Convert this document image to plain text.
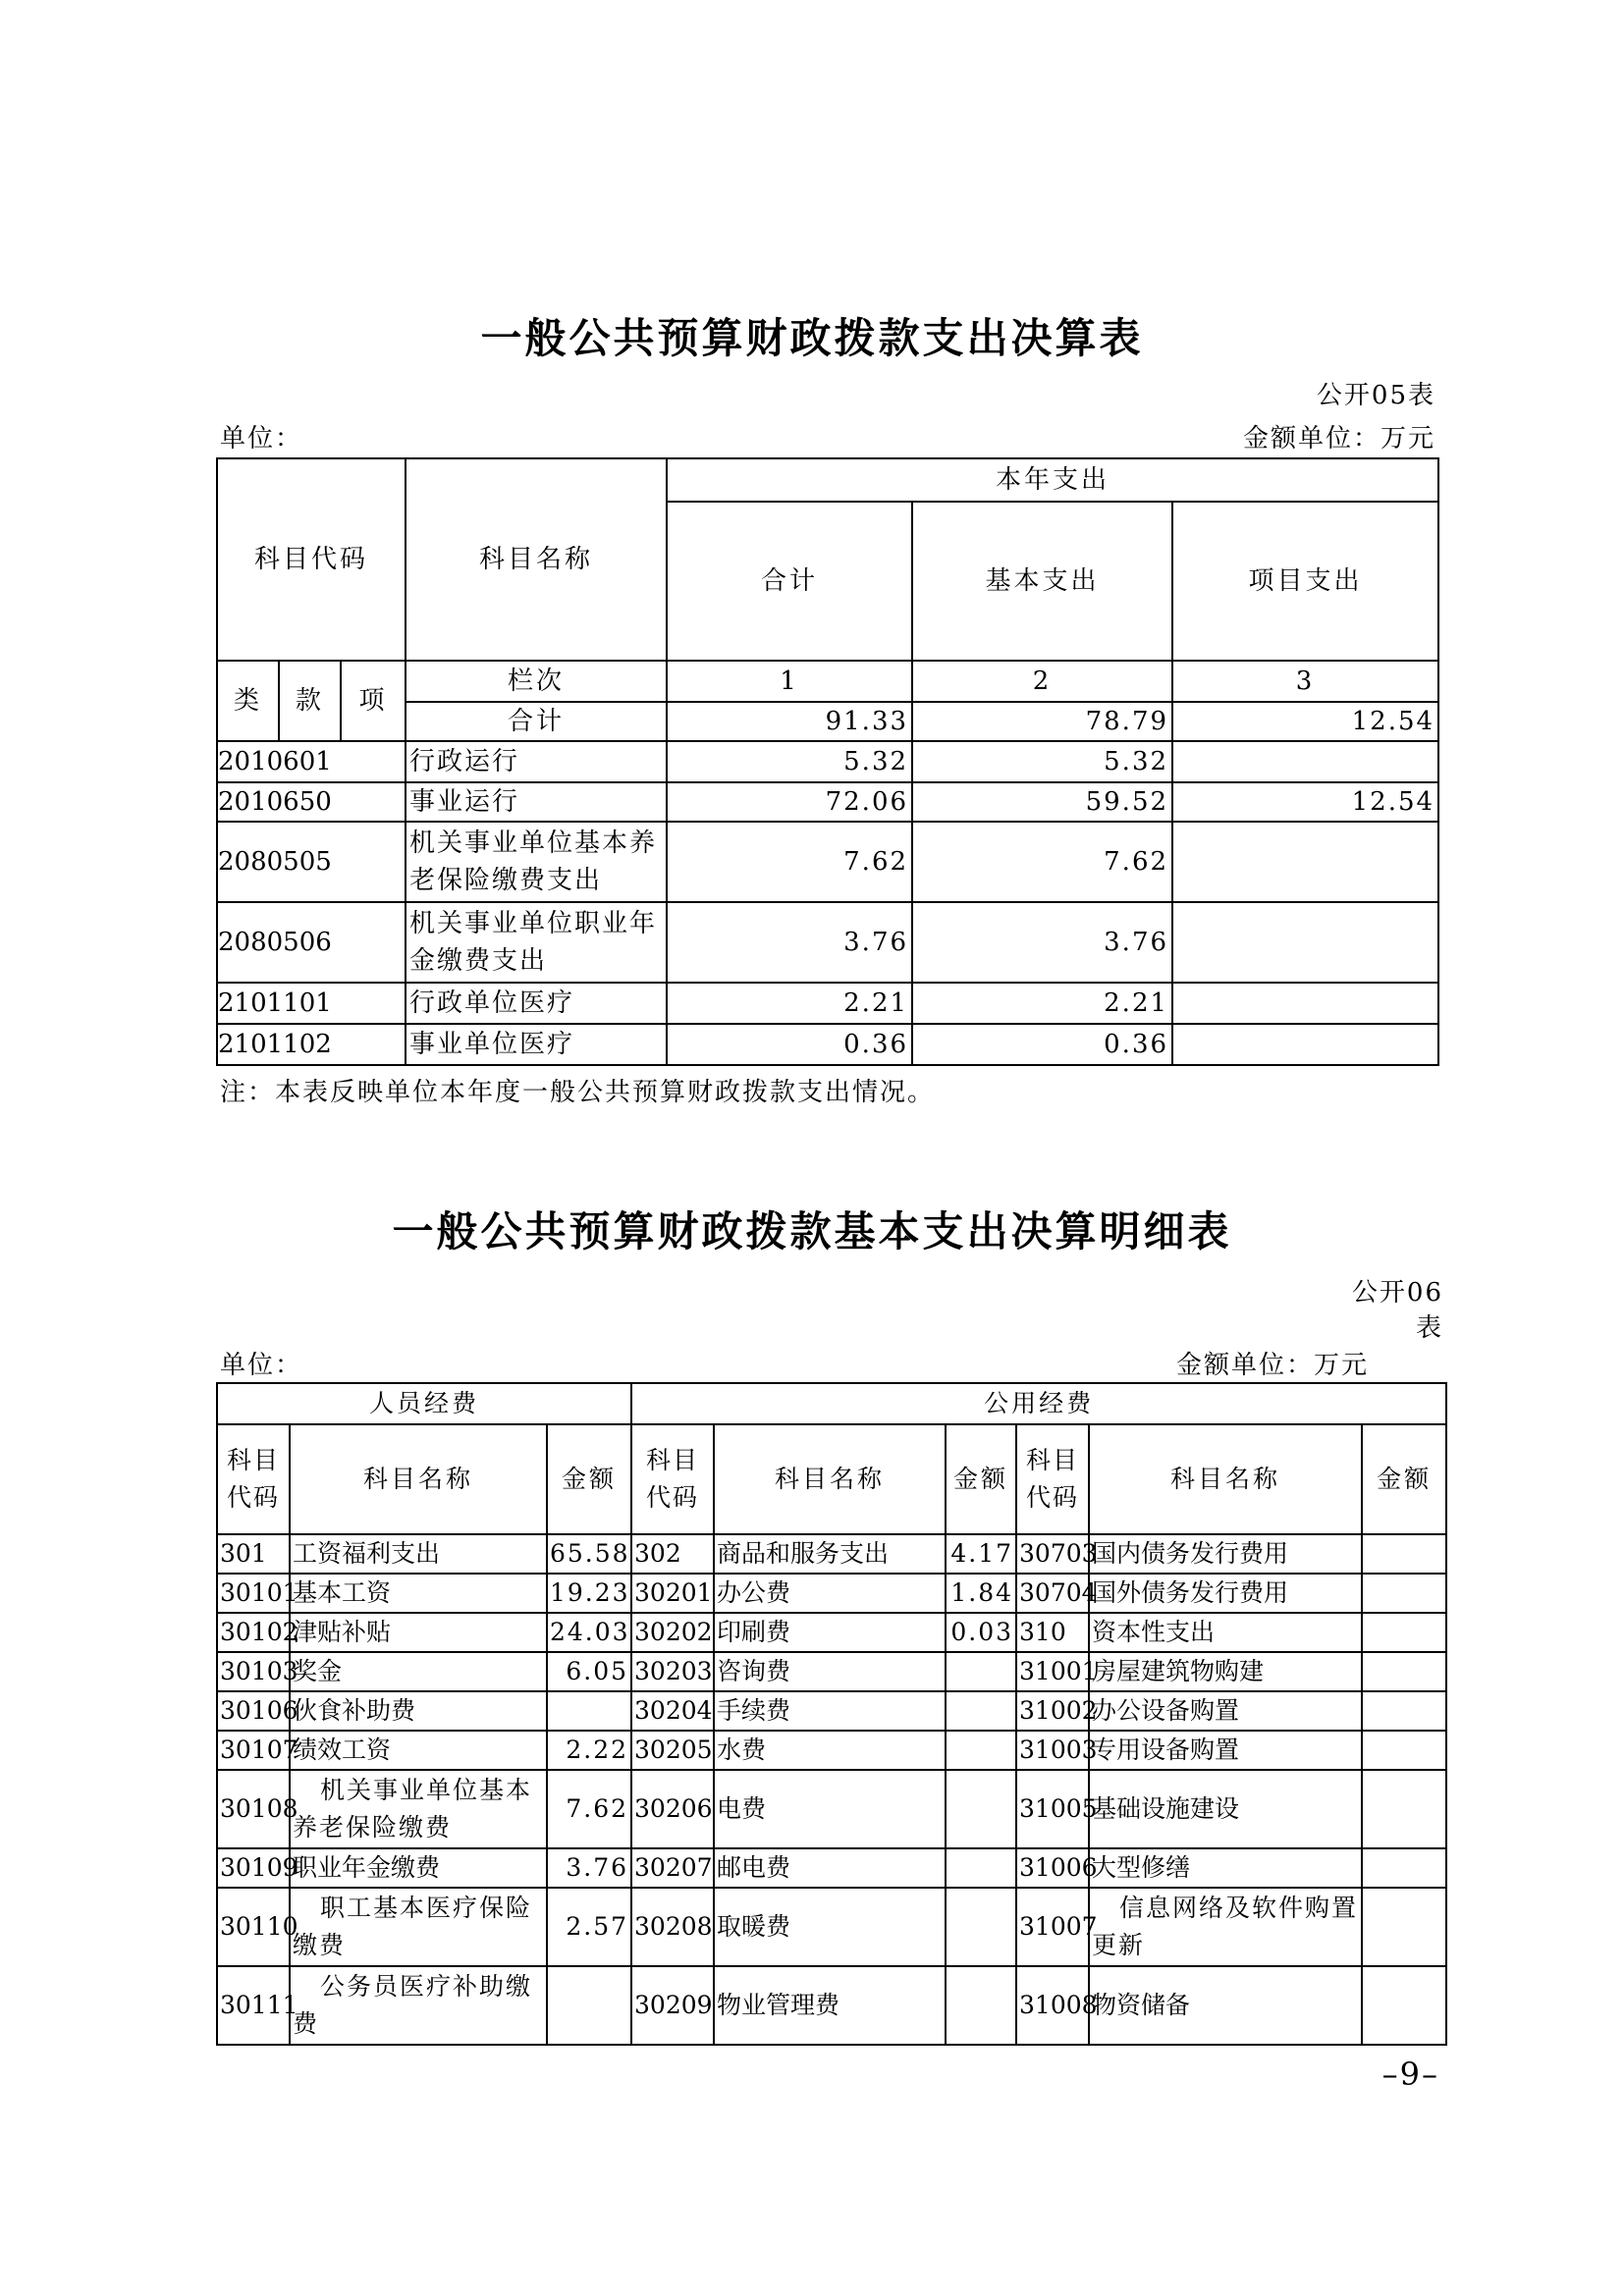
一般公共预算财政拨款支出决算表
公开05表
单位：	金额单位：万元
科目代码			科目名称	本年支出		
				合计	基本支出	项目支出
类	款	项	栏次	1	2	3
			合计	91.33	78.79	12.54
2010601			行政运行	5.32	5.32	
2010650			事业运行	72.06	59.52	12.54
2080505			机关事业单位基本养老保险缴费支出	7.62	7.62	
2080506			机关事业单位职业年金缴费支出	3.76	3.76	
2101101			行政单位医疗	2.21	2.21	
2101102			事业单位医疗	0.36	0.36	
注：本表反映单位本年度一般公共预算财政拨款支出情况。
一般公共预算财政拨款基本支出决算明细表
公开06
表
单位：	金额单位：万元
人员经费			公用经费					
科目代码	科目名称	金额	科目代码	科目名称	金额	科目代码	科目名称	金额
301	工资福利支出	65.58	302	商品和服务支出	4.17	30703	国内债务发行费用	
30101	基本工资	19.23	30201	办公费	1.84	30704	国外债务发行费用	
30102	津贴补贴	24.03	30202	印刷费	0.03	310	资本性支出	
30103	奖金	6.05	30203	咨询费		31001	房屋建筑物购建	
30106	伙食补助费		30204	手续费		31002	办公设备购置	
30107	绩效工资	2.22	30205	水费		31003	专用设备购置	
30108	机关事业单位基本养老保险缴费	7.62	30206	电费		31005	基础设施建设	
30109	职业年金缴费	3.76	30207	邮电费		31006	大型修缮	
30110	职工基本医疗保险缴费	2.57	30208	取暖费		31007	信息网络及软件购置更新	
30111	公务员医疗补助缴费		30209	物业管理费		31008	物资储备	
–9–
